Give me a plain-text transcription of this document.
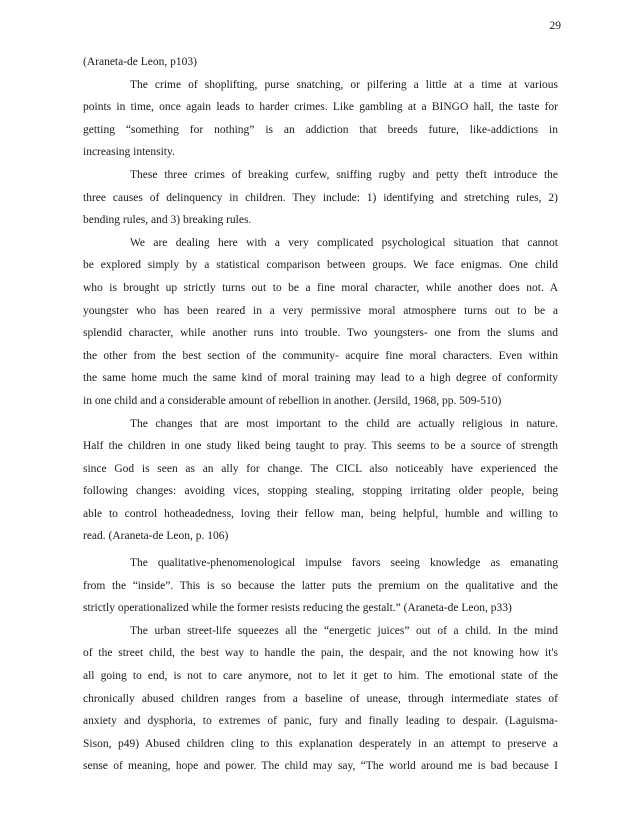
29
(Araneta-de Leon, p103)
The crime of shoplifting, purse snatching, or pilfering a little at a time at various
points in time, once again leads to harder crimes. Like gambling at a BINGO hall, the taste for
getting “something for nothing” is an addiction that breeds future, like-addictions in
increasing intensity.
These three crimes of breaking curfew, sniffing rugby and petty theft introduce the
three causes of delinquency in children. They include: 1) identifying and stretching rules, 2)
bending rules, and 3) breaking rules.
We are dealing here with a very complicated psychological situation that cannot
be explored simply by a statistical comparison between groups. We face enigmas. One child
who is brought up strictly turns out to be a fine moral character, while another does not. A
youngster who has been reared in a very permissive moral atmosphere turns out to be a
splendid character, while another runs into trouble. Two youngsters- one from the slums and
the other from the best section of the community- acquire fine moral characters. Even within
the same home much the same kind of moral training may lead to a high degree of conformity
in one child and a considerable amount of rebellion in another. (Jersild, 1968, pp. 509-510)
The changes that are most important to the child are actually religious in nature.
Half the children in one study liked being taught to pray. This seems to be a source of strength
since God is seen as an ally for change. The CICL also noticeably have experienced the
following changes: avoiding vices, stopping stealing, stopping irritating older people, being
able to control hotheadedness, loving their fellow man, being helpful, humble and willing to
read. (Araneta-de Leon, p. 106)
The qualitative-phenomenological impulse favors seeing knowledge as emanating
from the “inside”. This is so because the latter puts the premium on the qualitative and the
strictly operationalized while the former resists reducing the gestalt.” (Araneta-de Leon, p33)
The urban street-life squeezes all the “energetic juices” out of a child. In the mind
of the street child, the best way to handle the pain, the despair, and the not knowing how it's
all going to end, is not to care anymore, not to let it get to him. The emotional state of the
chronically abused children ranges from a baseline of unease, through intermediate states of
anxiety and dysphoria, to extremes of panic, fury and finally leading to despair. (Laguisma-
Sison, p49) Abused children cling to this explanation desperately in an attempt to preserve a
sense of meaning, hope and power. The child may say, “The world around me is bad because I
